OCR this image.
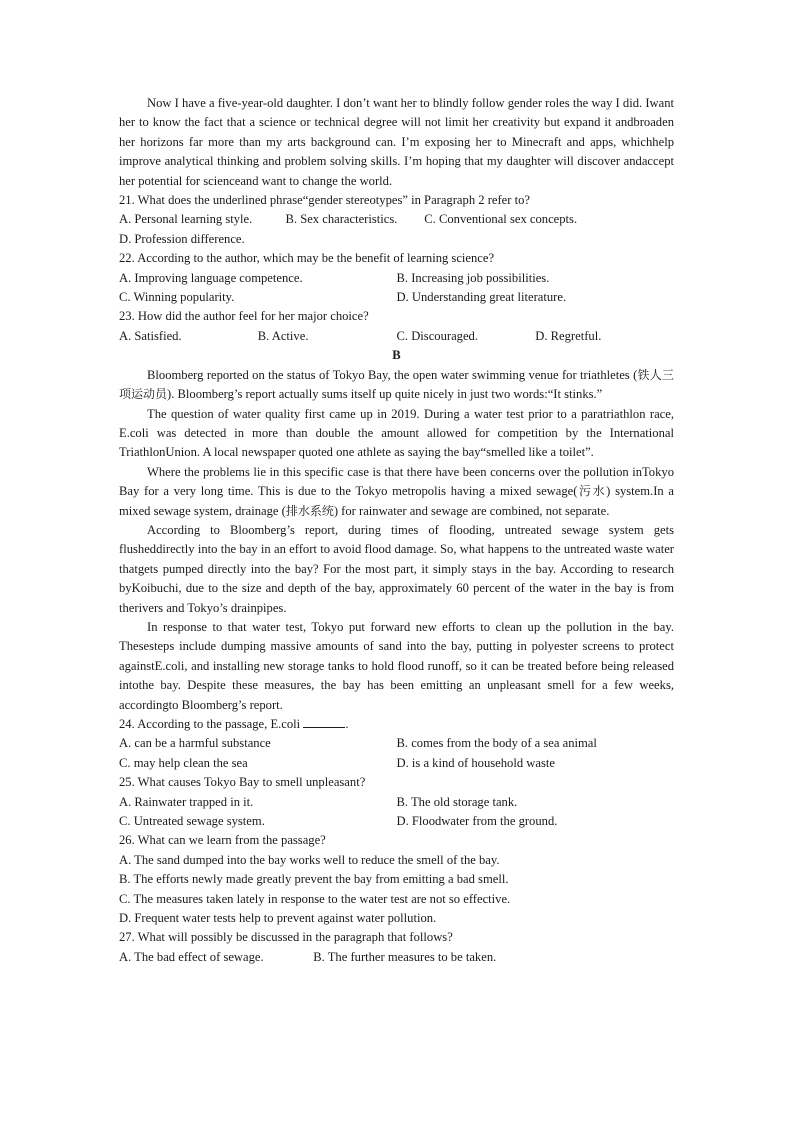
Now I have a five-year-old daughter. I don’t want her to blindly follow gender roles the way I did. Iwant her to know the fact that a science or technical degree will not limit her creativity but expand it andbroaden her horizons far more than my arts background can. I’m exposing her to Minecraft and apps, whichhelp improve analytical thinking and problem solving skills. I’m hoping that my daughter will discover andaccept her potential for scienceand want to change the world.

21. What does the underlined phrase“gender stereotypes” in Paragraph 2 refer to?

A. Personal learning style.	B. Sex characteristics.	C. Conventional sex concepts.
D. Profession difference.

22. According to the author, which may be the benefit of learning science?

A. Improving language competence.	B. Increasing job possibilities.
C. Winning popularity.	D. Understanding great literature.

23. How did the author feel for her major choice?

A. Satisfied.	B. Active.	C. Discouraged.	D. Regretful.

B

Bloomberg reported on the status of Tokyo Bay, the open water swimming venue for triathletes (铁人三项运动员). Bloomberg’s report actually sums itself up quite nicely in just two words:“It stinks.”

The question of water quality first came up in 2019. During a water test prior to a paratriathlon race, E.coli was detected in more than double the amount allowed for competition by the International TriathlonUnion. A local newspaper quoted one athlete as saying the bay“smelled like a toilet”.

Where the problems lie in this specific case is that there have been concerns over the pollution inTokyo Bay for a very long time. This is due to the Tokyo metropolis having a mixed sewage(污水) system.In a mixed sewage system, drainage (排水系统) for rainwater and sewage are combined, not separate.

According to Bloomberg’s report, during times of flooding, untreated sewage system gets flusheddirectly into the bay in an effort to avoid flood damage. So, what happens to the untreated waste water thatgets pumped directly into the bay? For the most part, it simply stays in the bay. According to research byKoibuchi, due to the size and depth of the bay, approximately 60 percent of the water in the bay is from therivers and Tokyo’s drainpipes.

In response to that water test, Tokyo put forward new efforts to clean up the pollution in the bay. Thesesteps include dumping massive amounts of sand into the bay, putting in polyester screens to protect againstE.coli, and installing new storage tanks to hold flood runoff, so it can be treated before being released intothe bay. Despite these measures, the bay has been emitting an unpleasant smell for a few weeks, accordingto Bloomberg’s report.

24. According to the passage, E.coli	.

A. can be a harmful substance	B. comes from the body of a sea animal
C. may help clean the sea	D. is a kind of household waste

25. What causes Tokyo Bay to smell unpleasant?

A. Rainwater trapped in it.	B. The old storage tank.
C. Untreated sewage system.	D. Floodwater from the ground.

26. What can we learn from the passage?

A. The sand dumped into the bay works well to reduce the smell of the bay.

B. The efforts newly made greatly prevent the bay from emitting a bad smell.

C. The measures taken lately in response to the water test are not so effective.

D. Frequent water tests help to prevent against water pollution.

27. What will possibly be discussed in the paragraph that follows?

A. The bad effect of sewage.	B. The further measures to be taken.
